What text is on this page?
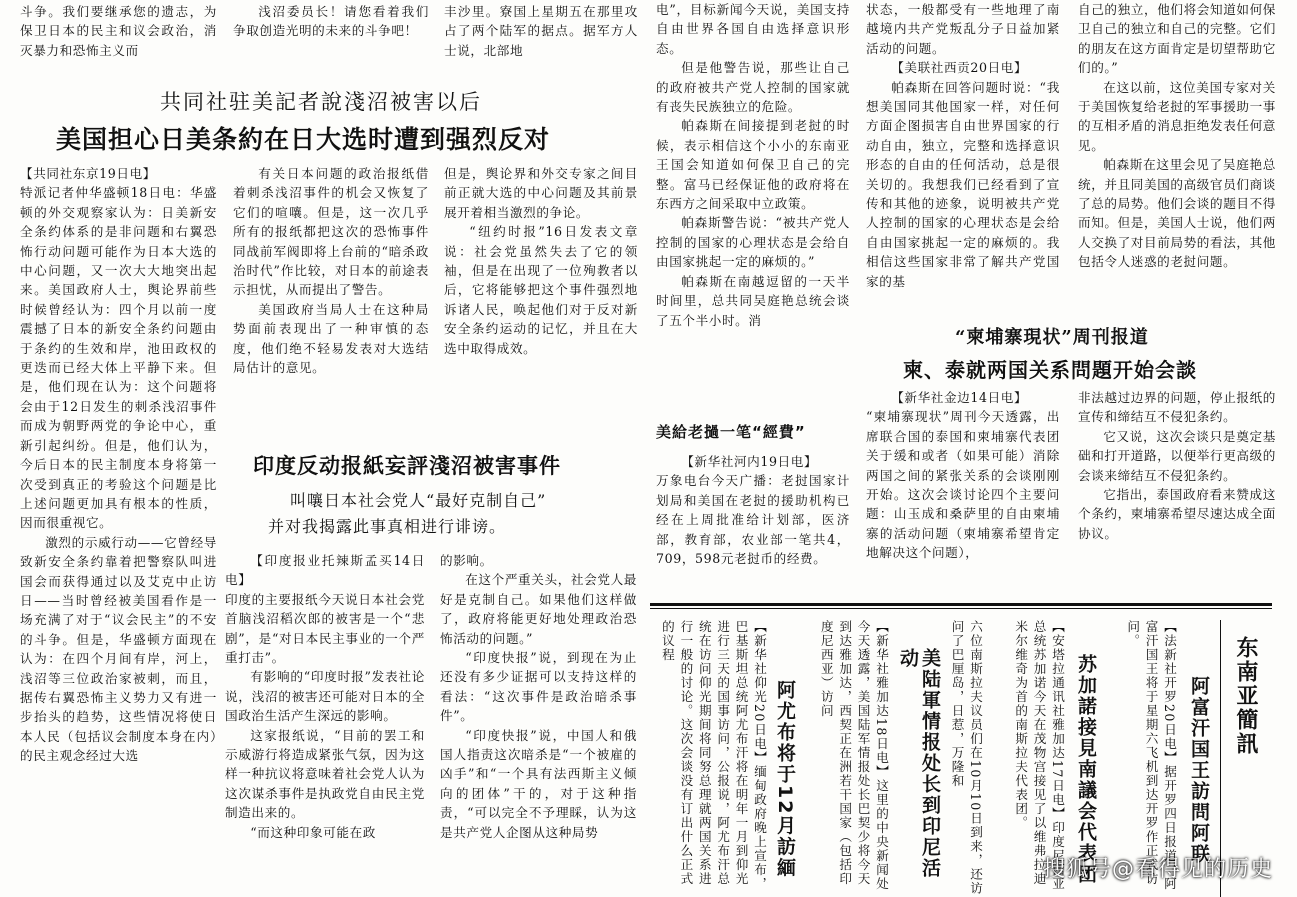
斗争。我们要继承您的遗志，为保卫日本的民主和议会政治，消灭暴力和恐怖主义而

浅沼委员长！请您看着我们争取创造光明的未来的斗争吧！

丰沙里。寮国上星期五在那里攻占了两个陆军的据点。据军方人士说，北部地

共同社驻美記者說淺沼被害以后
美国担心日美条約在日大选时遭到强烈反对

【共同社东京19日电】

特派记者仲华盛顿18日电：华盛顿的外交观察家认为：日美新安全条约体系的是非问题和右翼恐怖行动问题可能作为日本大选的中心问题，又一次大大地突出起来。美国政府人士，舆论界前些时候曾经认为：四个月以前一度震撼了日本的新安全条约问题由于条约的生效和岸，池田政权的更迭而已经大体上平静下来。但是，他们现在认为：这个问题将会由于12日发生的刺杀浅沼事件而成为朝野两党的争论中心，重新引起纠纷。但是，他们认为，今后日本的民主制度本身将第一次受到真正的考验这个问题是比上述问题更加具有根本的性质，因而很重视它。

激烈的示威行动——它曾经导致新安全条约靠着把警察队叫进国会而获得通过以及艾克中止访日——当时曾经被美国看作是一场充满了对于“议会民主”的不安的斗争。但是，华盛顿方面现在认为：在四个月间有岸，河上，浅沼等三位政治家被刺，而且，据传右翼恐怖主义势力又有进一步抬头的趋势，这些情况将使日本人民（包括议会制度本身在内）的民主观念经过大选

有关日本问题的政治报纸借着刺杀浅沼事件的机会又恢复了它们的喧嚷。但是，这一次几乎所有的报纸都把这次的恐怖事件同战前军阀即将上台前的“暗杀政治时代”作比较，对日本的前途表示担忧，从而提出了警告。

美国政府当局人士在这种局势面前表现出了一种审慎的态度，他们绝不轻易发表对大选结局估计的意见。

但是，舆论界和外交专家之间目前正就大选的中心问题及其前景展开着相当激烈的争论。

“纽约时报”16日发表文章说：社会党虽然失去了它的领袖，但是在出现了一位殉教者以后，它将能够把这个事件强烈地诉诸人民，唤起他们对于反对新安全条约运动的记忆，并且在大选中取得成效。

印度反动报紙妄評淺沼被害事件
叫嚷日本社会党人“最好克制自己”
并对我揭露此事真相进行诽谤。

【印度报业托辣斯孟买14日电】

印度的主要报纸今天说日本社会党首脑浅沼稻次郎的被害是一个“悲剧”，是“对日本民主事业的一个严重打击”。

有影响的“印度时报”发表社论说，浅沼的被害还可能对日本的全国政治生活产生深远的影响。

这家报纸说，“目前的罢工和示威游行将造成紧张气氛，因为这样一种抗议将意味着社会党人认为这次谋杀事件是执政党自由民主党制造出来的。

“而这种印象可能在政

的影响。

在这个严重关头，社会党人最好是克制自己。如果他们这样做了，政府将能更好地处理政治恐怖活动的问题。”

“印度快报”说，到现在为止还没有多少证据可以支持这样的看法：“这次事件是政治暗杀事件”。

“印度快报”说，中国人和俄国人指责这次暗杀是“一个被雇的凶手”和“一个具有法西斯主义倾向的团体”干的，对于这种指责，“可以完全不予理睬，认为这是共产党人企图从这种局势

电”，目标新闻今天说，美国支持自由世界各国自由选择意识形态。

但是他警告说，那些让自己的政府被共产党人控制的国家就有丧失民族独立的危险。

帕森斯在间接提到老挝的时候，表示相信这个小小的东南亚王国会知道如何保卫自己的完整。富马已经保证他的政府将在东西方之间采取中立政策。

帕森斯警告说：“被共产党人控制的国家的心理状态是会给自由国家挑起一定的麻烦的。”

帕森斯在南越逗留的一天半时间里，总共同吴庭艳总统会谈了五个半小时。消

状态，一般都受有一些地理了南越境内共产党叛乱分子日益加紧活动的问题。

【美联社西贡20日电】

帕森斯在回答问题时说：“我想美国同其他国家一样，对任何方面企图损害自由世界国家的行动自由，独立，完整和选择意识形态的自由的任何活动，总是很关切的。我想我们已经看到了宣传和其他的迹象，说明被共产党人控制的国家的心理状态是会给自由国家挑起一定的麻烦的。我相信这些国家非常了解共产党国家的基

自己的独立，他们将会知道如何保卫自己的独立和自己的完整。它们的朋友在这方面肯定是切望帮助它们的。”

在这以前，这位美国专家对关于美国恢复给老挝的军事援助一事的互相矛盾的消息拒绝发表任何意见。

帕森斯在这里会见了吴庭艳总统，并且同美国的高级官员们商谈了总的局势。他们会谈的题目不得而知。但是，美国人士说，他们两人交换了对目前局势的看法，其他包括令人迷惑的老挝问题。

美給老撾一笔“經費”

【新华社河内19日电】

万象电台今天广播：老挝国家计划局和美国在老挝的援助机构已经在上周批准给计划部，医济部，教育部，农业部一笔共4，709，598元老挝币的经费。

“柬埔寨現状”周刊报道
柬、泰就两国关系問題开始会談

【新华社金边14日电】

“柬埔寨现状”周刊今天透露，出席联合国的泰国和柬埔寨代表团关于缓和或者（如果可能）消除两国之间的紧张关系的会谈刚刚开始。这次会谈讨论四个主要问题：山玉成和桑萨里的自由柬埔寨的活动问题（柬埔寨希望肯定地解决这个问题），

非法越过边界的问题，停止报纸的宣传和缔结互不侵犯条约。

它又说，这次会谈只是奠定基础和打开道路，以便举行更高级的会谈来缔结互不侵犯条约。

它指出，泰国政府看来赞成这个条约，柬埔寨希望尽速达成全面协议。

东南亚簡訊
阿富汗国王訪問阿联
【法新社开罗20日电】据开罗四日报道，阿富汗国王将于星期六飞机到达开罗作正式访问。
苏加諾接見南議会代表团
【安塔拉通讯社雅加达17日电】印度尼西亚总统苏加诺今天在茂物宫接见了以维弗拉迪米尔维奇为首的南斯拉夫代表团。
六位南斯拉夫议员们在10月10日到来，还访问了巴厘岛，日惹，万隆和
美陆軍情报处长到印尼活动
【新华社雅加达18日电】这里的中央新闻处今天透露，美国陆军情报处长巴契少将今天到达雅加达，西契正在洲若干国家（包括印度尼西亚）访问
阿尤布将于12月訪緬
【新华社仰光20日电】缅甸政府晚上宣布，巴基斯坦总统阿尤布汗将在明年一月到仰光进行三天的国事访问，公报说，阿尤布汗总统在访问仰光期间将同努总理就两国关系进行一般的讨论。这次会谈没有订出什么正式的议程
搜狐号@看得见的历史
